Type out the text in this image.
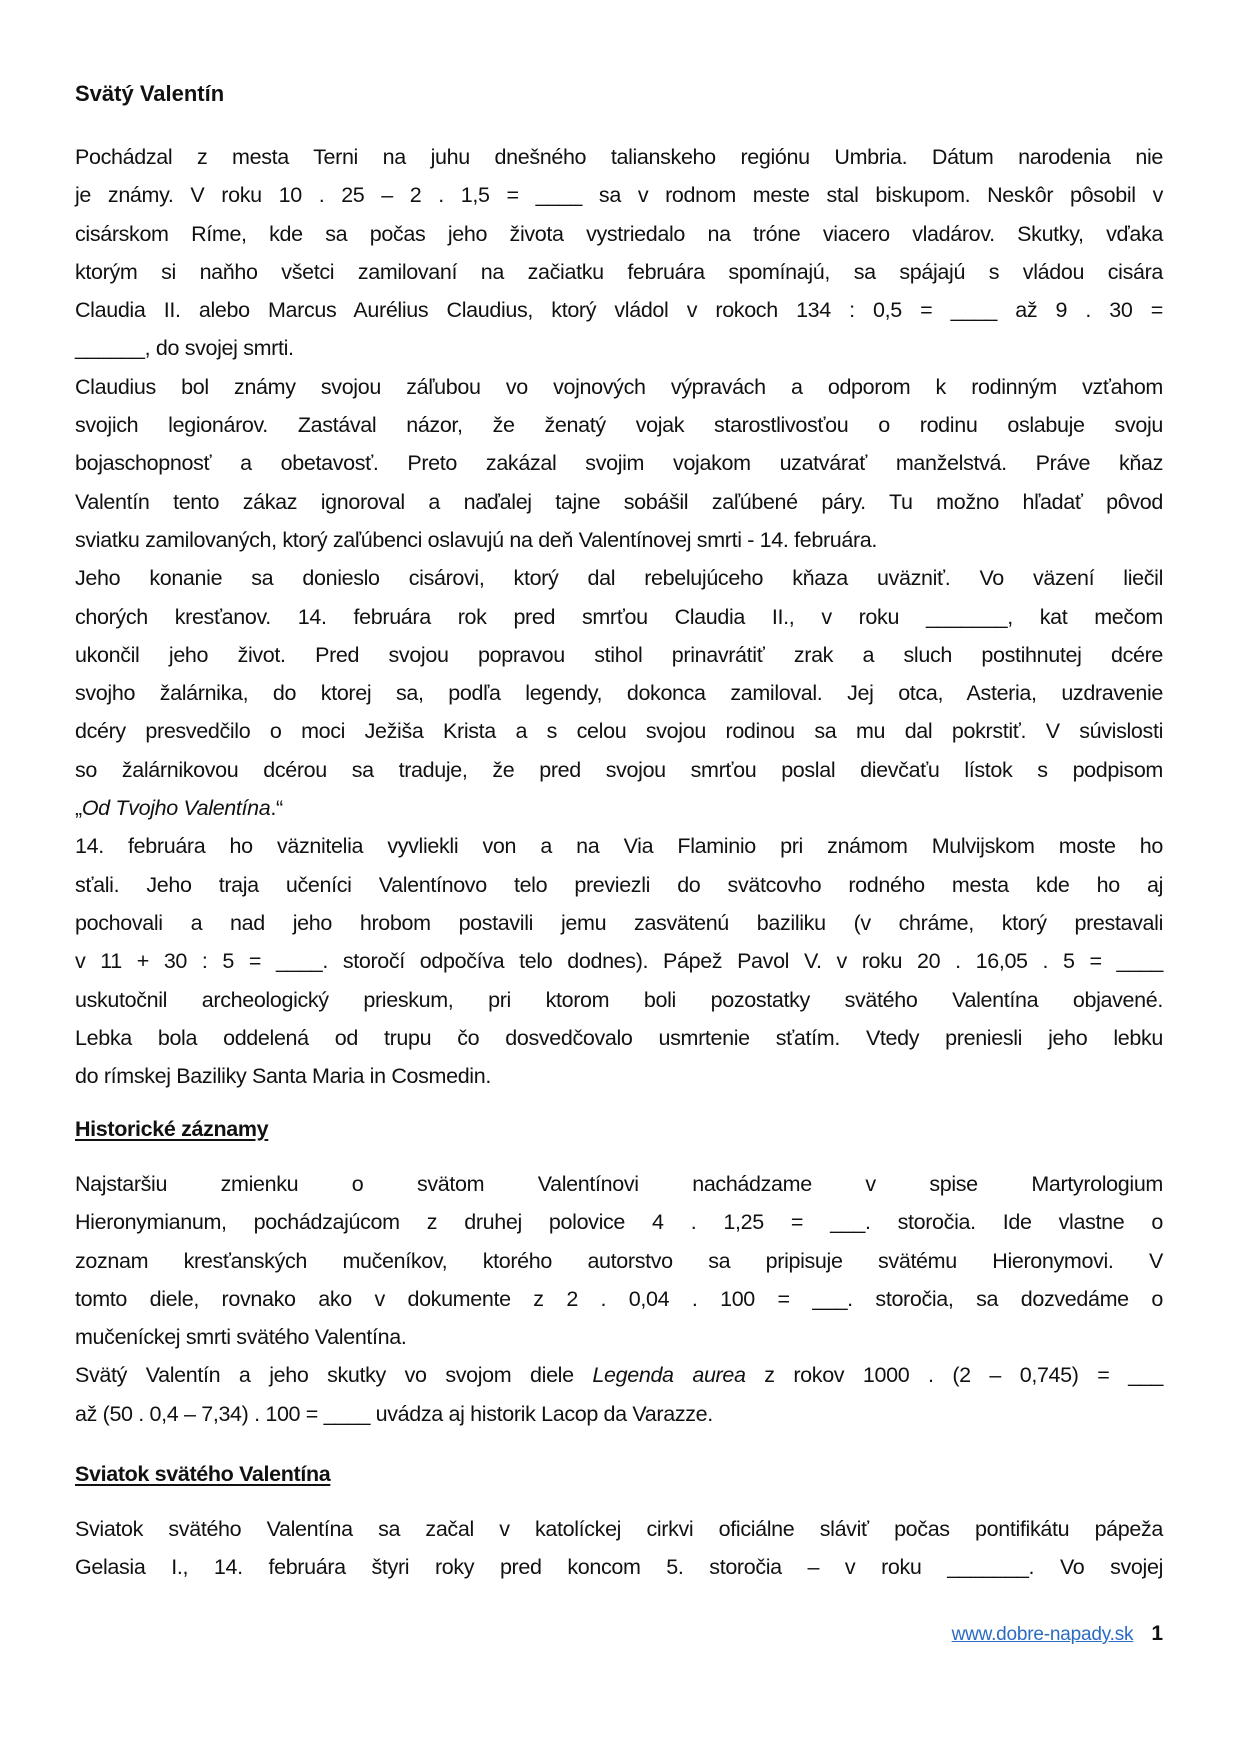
Svätý Valentín
Pochádzal z mesta Terni na juhu dnešného talianskeho regiónu Umbria. Dátum narodenia nie
je známy. V roku 10 . 25 – 2 . 1,5 = ____ sa v rodnom meste stal biskupom. Neskôr pôsobil v
cisárskom Ríme, kde sa počas jeho života vystriedalo na tróne viacero vladárov. Skutky, vďaka
ktorým si naňho všetci zamilovaní na začiatku februára spomínajú, sa spájajú s vládou cisára
Claudia II. alebo Marcus Aurélius Claudius, ktorý vládol v rokoch 134 : 0,5 = ____ až 9 . 30 =
______, do svojej smrti.
Claudius bol známy svojou záľubou vo vojnových výpravách a odporom k rodinným vzťahom
svojich legionárov. Zastával názor, že ženatý vojak starostlivosťou o rodinu oslabuje svoju
bojaschopnosť a obetavosť. Preto zakázal svojim vojakom uzatvárať manželstvá. Práve kňaz
Valentín tento zákaz ignoroval a naďalej tajne sobášil zaľúbené páry. Tu možno hľadať pôvod
sviatku zamilovaných, ktorý zaľúbenci oslavujú na deň Valentínovej smrti - 14. februára.
Jeho konanie sa donieslo cisárovi, ktorý dal rebelujúceho kňaza uväzniť. Vo väzení liečil
chorých kresťanov. 14. februára rok pred smrťou Claudia II., v roku _______, kat mečom
ukončil jeho život. Pred svojou popravou stihol prinavrátiť zrak a sluch postihnutej dcére
svojho žalárnika, do ktorej sa, podľa legendy, dokonca zamiloval. Jej otca, Asteria, uzdravenie
dcéry presvedčilo o moci Ježiša Krista a s celou svojou rodinou sa mu dal pokrstiť. V súvislosti
so žalárnikovou dcérou sa traduje, že pred svojou smrťou poslal dievčaťu lístok s podpisom
„Od Tvojho Valentína.“
14. februára ho väznitelia vyvliekli von a na Via Flaminio pri známom Mulvijskom moste ho
sťali. Jeho traja učeníci Valentínovo telo previezli do svätcovho rodného mesta kde ho aj
pochovali a nad jeho hrobom postavili jemu zasvätenú baziliku (v chráme, ktorý prestavali
v 11 + 30 : 5 = ____. storočí odpočíva telo dodnes). Pápež Pavol V. v roku 20 . 16,05 . 5 = ____
uskutočnil archeologický prieskum, pri ktorom boli pozostatky svätého Valentína objavené.
Lebka bola oddelená od trupu čo dosvedčovalo usmrtenie sťatím. Vtedy preniesli jeho lebku
do rímskej Baziliky Santa Maria in Cosmedin.
Historické záznamy
Najstaršiu zmienku o svätom Valentínovi nachádzame v spise Martyrologium
Hieronymianum, pochádzajúcom z druhej polovice 4 . 1,25 = ___. storočia. Ide vlastne o
zoznam kresťanských mučeníkov, ktorého autorstvo sa pripisuje svätému Hieronymovi. V
tomto diele, rovnako ako v dokumente z 2 . 0,04 . 100 = ___. storočia, sa dozvedáme o
mučeníckej smrti svätého Valentína.
Svätý Valentín a jeho skutky vo svojom diele Legenda aurea z rokov 1000 . (2 – 0,745) = ___
až (50 . 0,4 – 7,34) . 100 = ____ uvádza aj historik Lacop da Varazze.
Sviatok svätého Valentína
Sviatok svätého Valentína sa začal v katolíckej cirkvi oficiálne sláviť počas pontifikátu pápeža
Gelasia I., 14. februára štyri roky pred koncom 5. storočia – v roku _______. Vo svojej
www.dobre-napady.sk 1
